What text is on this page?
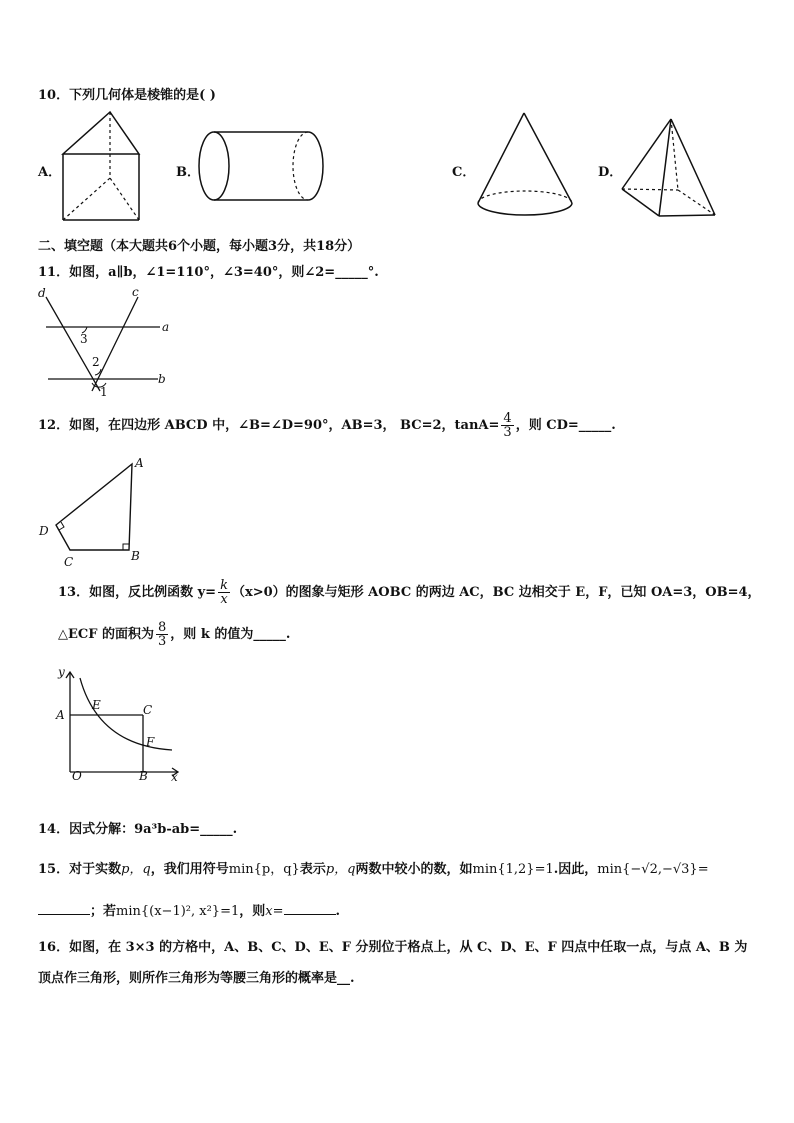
10．下列几何体是棱锥的是( )
A．	B．	C．	D．
二、填空题（本大题共6个小题，每小题3分，共18分）
11．如图，a∥b，∠1=110°，∠3=40°，则∠2=_____°.
d	c
a
b
3
2
1
12．如图，在四边形 ABCD 中，∠B=∠D=90°，AB=3， BC=2，$\tan A= \frac{4}{3}$ ，则 CD=_____.
A
D
C	B
13．如图，反比例函数 $y= \frac{k}{x} (x>0)$的图象与矩形 AOBC 的两边 AC，BC 边相交于 E，F，已知 OA=3，OB=4，
△ECF 的面积为 $\frac{8}{3}$ ，则 k 的值为_____.
y
A
E	C
F
O	B x
14．因式分解：9a³b-ab=_____.
15．对于实数p，q，我们用符号min{p，q}表示p，q两数中较小的数，如min{1,2}=1.因此，min{−√2,−√3}=
；若min{(x−1)², x²}=1，则x=	.
16．如图，在 3×3 的方格中，A、B、C、D、E、F 分别位于格点上，从 C、D、E、F 四点中任取一点，与点 A、B 为
顶点作三角形，则所作三角形为等腰三角形的概率是__.
